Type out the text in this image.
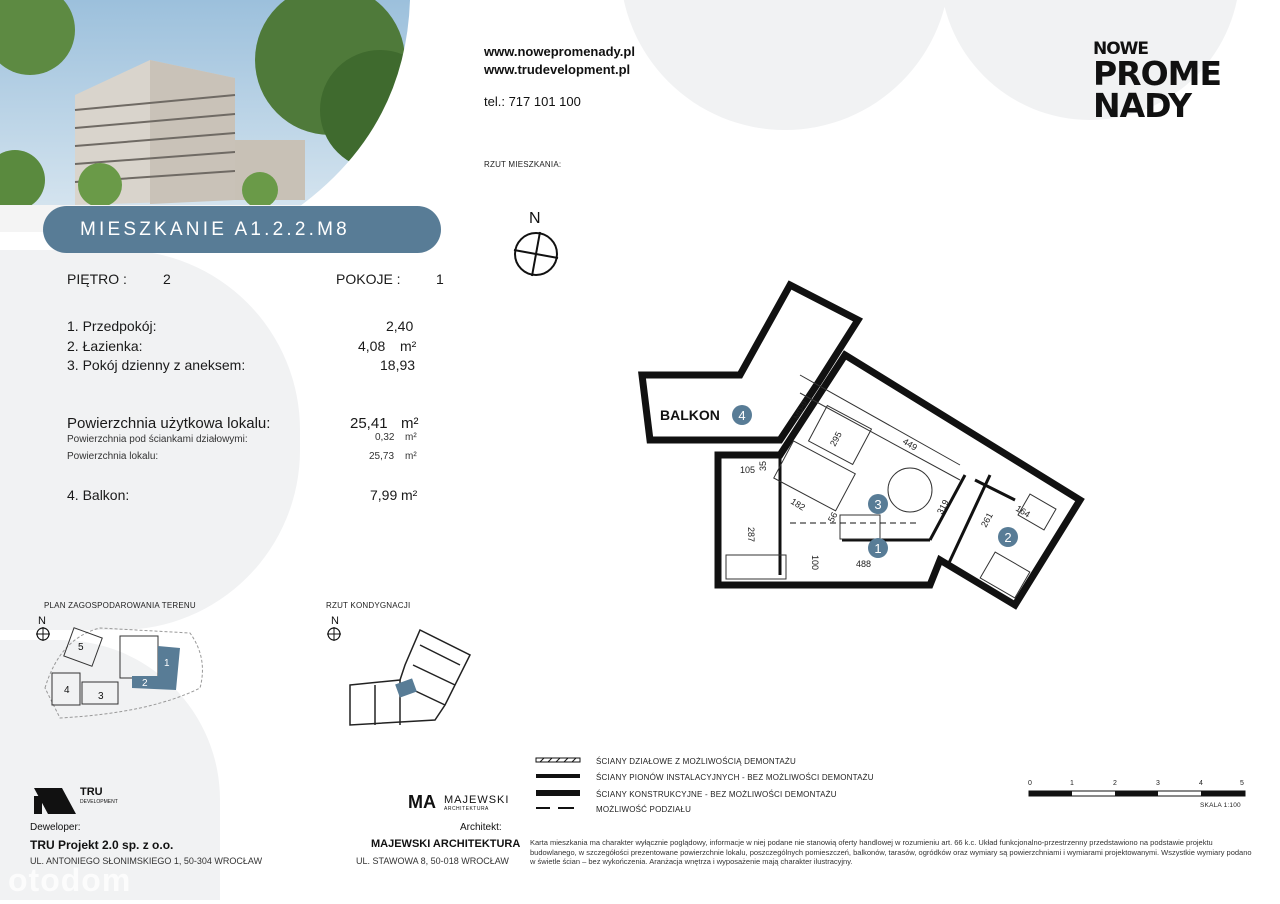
MIESZKANIE A1.2.2.M8
PIĘTRO :	2	POKOJE :	1
1. Przedpokój:	2,40
2. Łazienka:	4,08 m²
3. Pokój dzienny z aneksem:	18,93
Powierzchnia użytkowa lokalu:	25,41 m²
Powierzchnia pod ściankami działowymi:	0,32 m²
Powierzchnia lokalu:	25,73 m²
4. Balkon:	7,99 m²
www.nowepromenady.pl
www.trudevelopment.pl
tel.: 717 101 100
RZUT MIESZKANIA:
NOWE
PROME
NADY
N
295	449
105 35
182
287
56
100	488
319
261 164
MD-0
BALKON 4
3
1
2
PLAN ZAGOSPODAROWANIA TERENU
N
1
2
3
4
5
RZUT KONDYGNACJI
N
ŚCIANY DZIAŁOWE Z MOŻLIWOŚCIĄ DEMONTAŻU
ŚCIANY PIONÓW INSTALACYJNYCH - BEZ MOŻLIWOŚCI DEMONTAŻU
ŚCIANY KONSTRUKCYJNE - BEZ MOŻLIWOŚCI DEMONTAŻU
MOŻLIWOŚĆ PODZIAŁU
0	1	2	3	4	5
SKALA 1:100
Karta mieszkania ma charakter wyłącznie poglądowy, informacje w niej podane nie stanowią oferty handlowej w rozumieniu art. 66 k.c. Układ funkcjonalno-przestrzenny przedstawiono na podstawie projektu budowlanego, w szczegółości prezentowane powierzchnie lokalu, poszczególnych pomieszczeń, balkonów, tarasów, ogródków oraz wymiary są powierzchniami i wymiarami projektowanymi. Wszystkie wymiary podano w świetle ścian – bez wykończenia. Aranżacja wnętrza i wyposażenie mają charakter ilustracyjny.
TRU
DEVELOPMENT
Deweloper:
TRU Projekt 2.0 sp. z o.o.
UL. ANTONIEGO SŁONIMSKIEGO 1, 50-304 WROCŁAW
MA MAJEWSKI
ARCHITEKTURA
Architekt:
MAJEWSKI ARCHITEKTURA
UL. STAWOWA 8, 50-018 WROCŁAW
otodom
